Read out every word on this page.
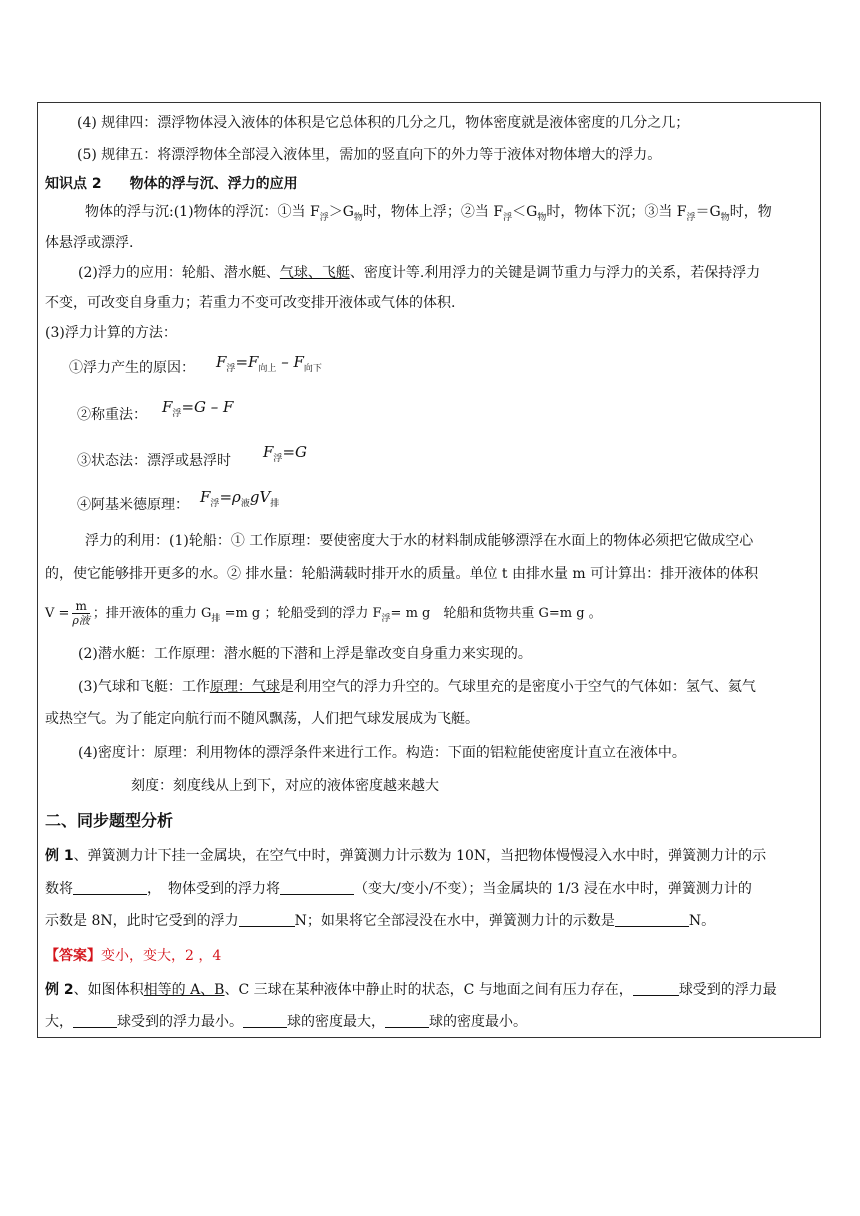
(4) 规律四：漂浮物体浸入液体的体积是它总体积的几分之几，物体密度就是液体密度的几分之几；
(5) 规律五：将漂浮物体全部浸入液体里，需加的竖直向下的外力等于液体对物体增大的浮力。
知识点 2　　物体的浮与沉、浮力的应用
物体的浮与沉:(1)物体的浮沉：①当 $F_浮>G_物$时，物体上浮；②当 $F_浮<G_物$时，物体下沉；③当 $F_浮=G_物$时，物
体悬浮或漂浮.
(2)浮力的应用：轮船、潜水艇、气球、飞艇、密度计等.利用浮力的关键是调节重力与浮力的关系，若保持浮力
不变，可改变自身重力；若重力不变可改变排开液体或气体的体积.
(3)浮力计算的方法：
①浮力产生的原因： $F_浮=F_{向上} - F_{向下}$
②称重法： $F_浮=G - F$
③状态法：漂浮或悬浮时 $F_浮=G$
④阿基米德原理： $F_浮=\rho_液gV_排$
浮力的利用：(1)轮船：① 工作原理：要使密度大于水的材料制成能够漂浮在水面上的物体必须把它做成空心
的，使它能够排开更多的水。② 排水量：轮船满载时排开水的质量。单位 t 由排水量 m 可计算出：排开液体的体积
$V = \frac{m}{\text{ρ液}}$ ；排开液体的重力 $G_排 =m$ g ；轮船受到的浮力 $F_浮= m$ g　轮船和货物共重 G=m g 。
(2)潜水艇：工作原理：潜水艇的下潜和上浮是靠改变自身重力来实现的。
(3)气球和飞艇：工作原理：气球是利用空气的浮力升空的。气球里充的是密度小于空气的气体如：氢气、氦气
或热空气。为了能定向航行而不随风飘荡，人们把气球发展成为飞艇。
(4)密度计：原理：利用物体的漂浮条件来进行工作。构造：下面的铝粒能使密度计直立在液体中。
刻度：刻度线从上到下，对应的液体密度越来越大
二、同步题型分析
例 1、弹簧测力计下挂一金属块，在空气中时，弹簧测力计示数为 10N，当把物体慢慢浸入水中时，弹簧测力计的示
数将	，　物体受到的浮力将	（变大/变小/不变）；当金属块的 1/3 浸在水中时，弹簧测力计的
示数是 8N，此时它受到的浮力	N；如果将它全部浸没在水中，弹簧测力计的示数是	N。
【答案】变小，变大，2 ，4
例 2、如图体积相等的 A、B、C 三球在某种液体中静止时的状态，C 与地面之间有压力存在，	球受到的浮力最
大，	球受到的浮力最小。	球的密度最大，	球的密度最小。
